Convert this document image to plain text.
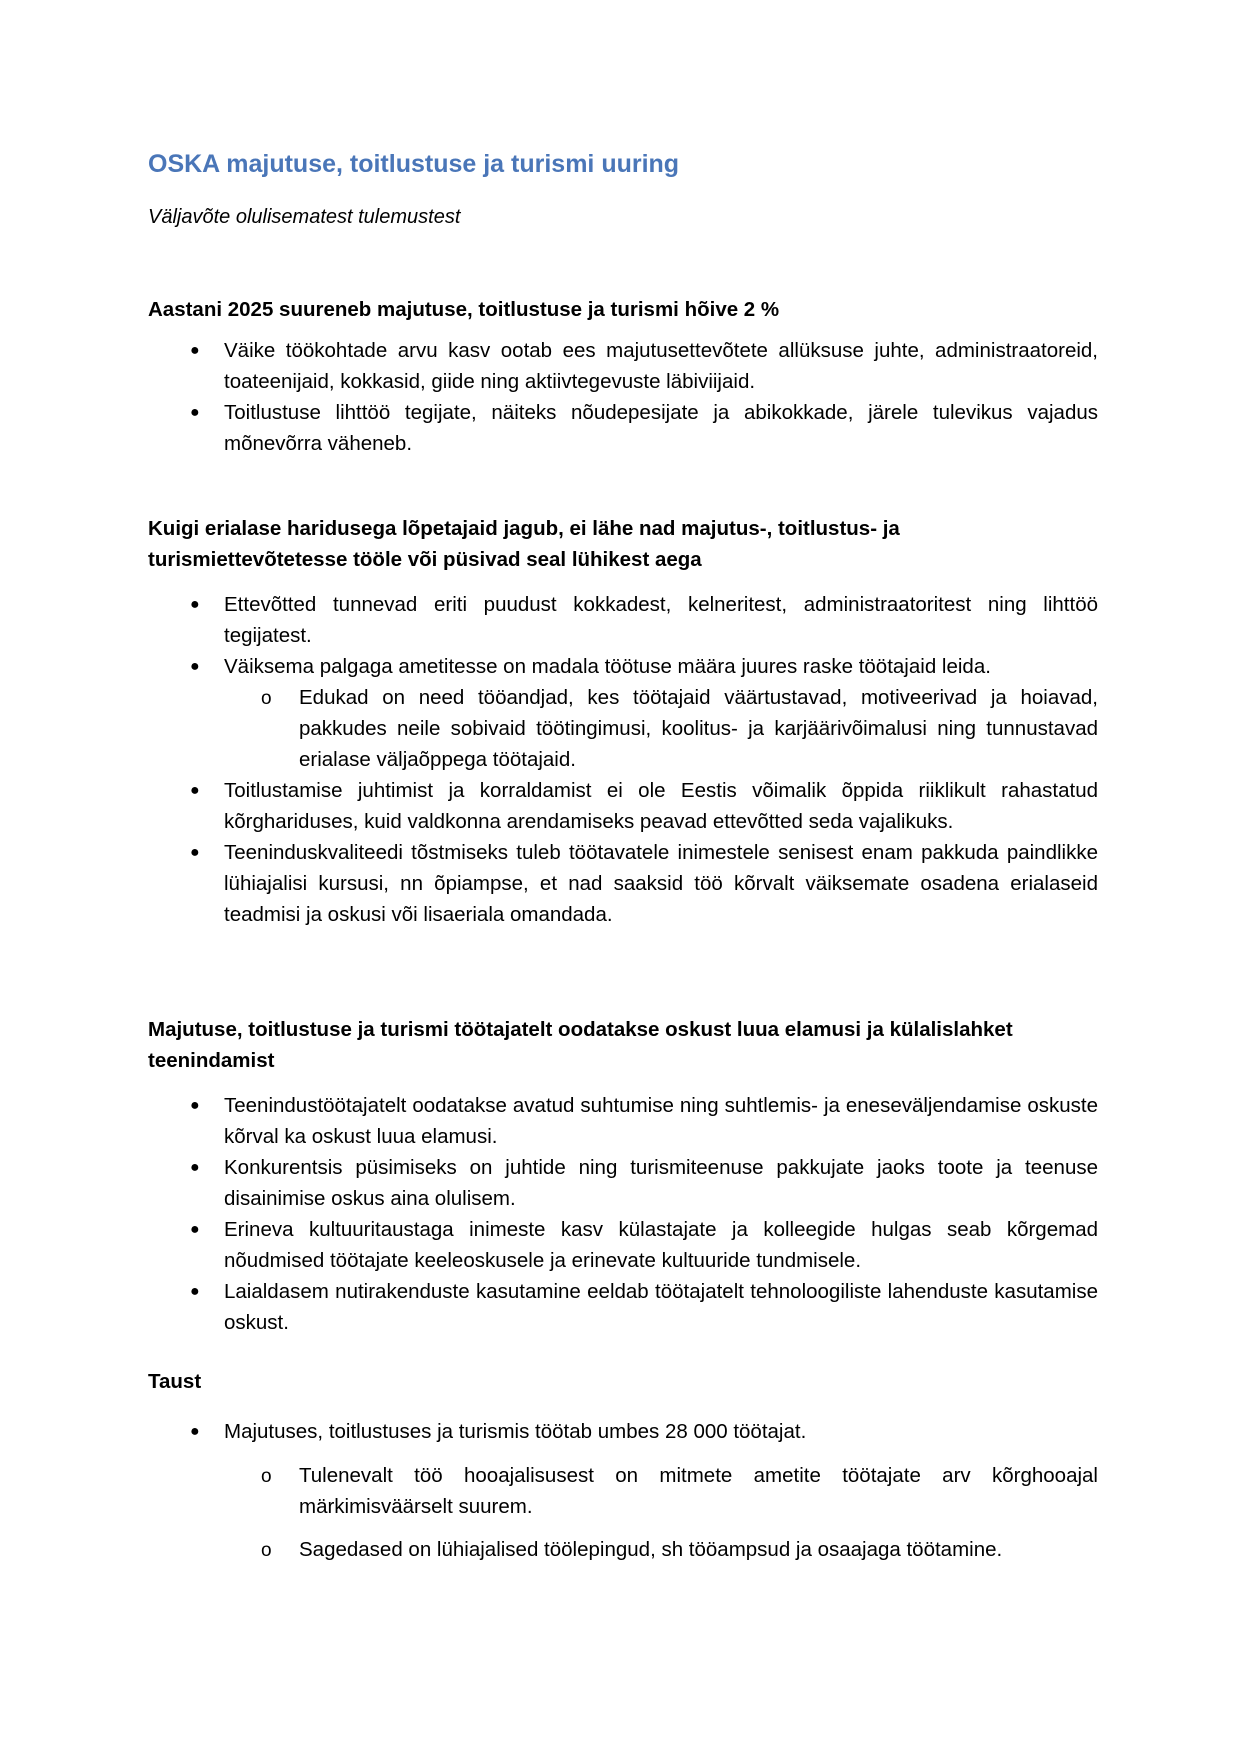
OSKA majutuse, toitlustuse ja turismi uuring

Väljavõte olulisematest tulemustest

Aastani 2025 suureneb majutuse, toitlustuse ja turismi hõive 2 %
● Väike töökohtade arvu kasv ootab ees majutusettevõtete allüksuse juhte, administraatoreid, toateenijaid, kokkasid, giide ning aktiivtegevuste läbiviijaid.
● Toitlustuse lihttöö tegijate, näiteks nõudepesijate ja abikokkade, järele tulevikus vajadus mõnevõrra väheneb.
Kuigi erialase haridusega lõpetajaid jagub, ei lähe nad majutus-, toitlustus- ja turismiettevõtetesse tööle või püsivad seal lühikest aega
● Ettevõtted tunnevad eriti puudust kokkadest, kelneritest, administraatoritest ning lihttöö tegijatest.
● Väiksema palgaga ametitesse on madala töötuse määra juures raske töötajaid leida.
o Edukad on need tööandjad, kes töötajaid väärtustavad, motiveerivad ja hoiavad, pakkudes neile sobivaid töötingimusi, koolitus- ja karjäärivõimalusi ning tunnustavad erialase väljaõppega töötajaid.
● Toitlustamise juhtimist ja korraldamist ei ole Eestis võimalik õppida riiklikult rahastatud kõrghariduses, kuid valdkonna arendamiseks peavad ettevõtted seda vajalikuks.
● Teeninduskvaliteedi tõstmiseks tuleb töötavatele inimestele senisest enam pakkuda paindlikke lühiajalisi kursusi, nn õpiampse, et nad saaksid töö kõrvalt väiksemate osadena erialaseid teadmisi ja oskusi või lisaeriala omandada.
Majutuse, toitlustuse ja turismi töötajatelt oodatakse oskust luua elamusi ja külalislahket teenindamist
● Teenindustöötajatelt oodatakse avatud suhtumise ning suhtlemis- ja eneseväljendamise oskuste kõrval ka oskust luua elamusi.
● Konkurentsis püsimiseks on juhtide ning turismiteenuse pakkujate jaoks toote ja teenuse disainimise oskus aina olulisem.
● Erineva kultuuritaustaga inimeste kasv külastajate ja kolleegide hulgas seab kõrgemad nõudmised töötajate keeleoskusele ja erinevate kultuuride tundmisele.
● Laialdasem nutirakenduste kasutamine eeldab töötajatelt tehnoloogiliste lahenduste kasutamise oskust.
Taust
● Majutuses, toitlustuses ja turismis töötab umbes 28 000 töötajat.
o Tulenevalt töö hooajalisusest on mitmete ametite töötajate arv kõrghooajal märkimisväärselt suurem.
o Sagedased on lühiajalised töölepingud, sh tööampsud ja osaajaga töötamine.
